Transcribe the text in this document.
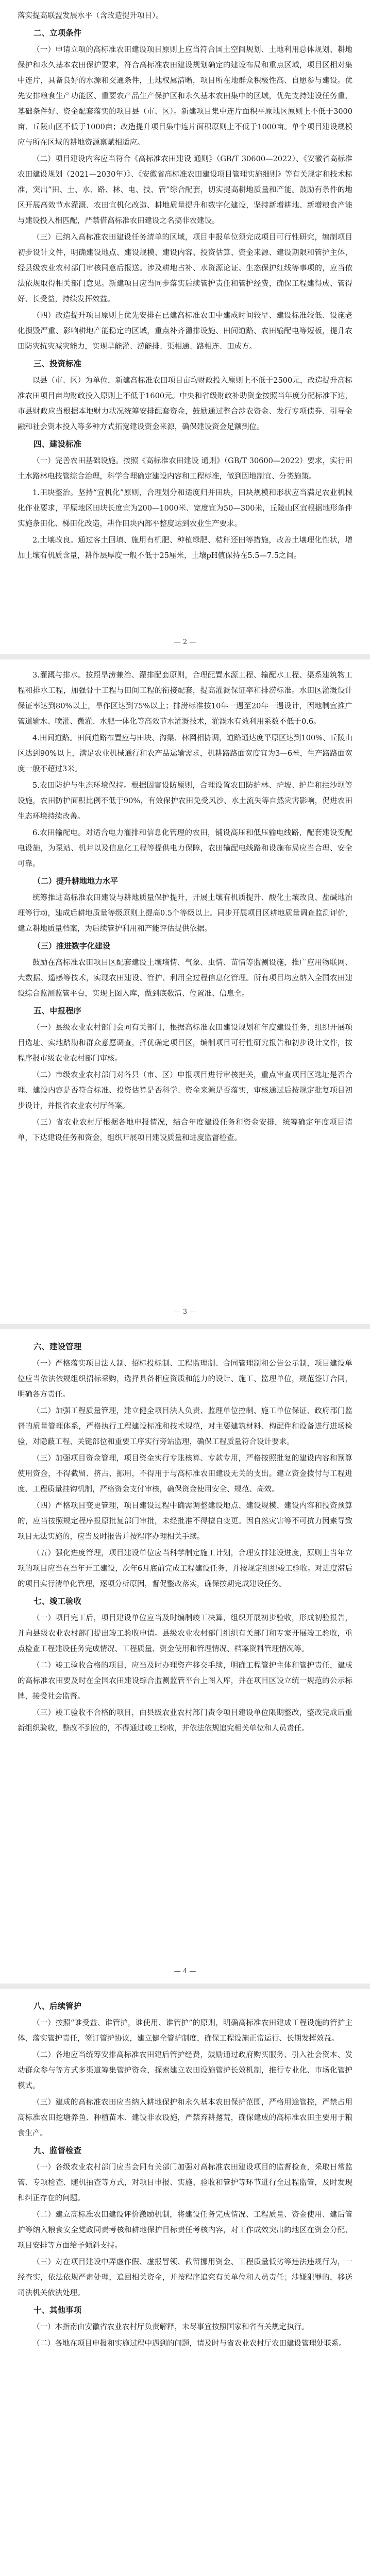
落实提高联盟发展水平（含改造提升项目）。

二、立项条件

（一）申请立项的高标准农田建设项目原则上应当符合国土空间规划、土地利用总体规划、耕地保护和永久基本农田保护要求，符合高标准农田建设规划确定的建设布局和重点区域，项目区相对集中连片，具备良好的水源和交通条件，土地权属清晰，项目所在地群众积极性高、自愿参与建设。优先安排粮食生产功能区、重要农产品生产保护区和永久基本农田集中的区域，优先支持建设任务重、基础条件好、资金配套落实的项目县（市、区）。新建项目集中连片面积平原地区原则上不低于3000亩、丘陵山区不低于1000亩；改造提升项目集中连片面积原则上不低于1000亩。单个项目建设规模应与所在区域的耕地资源禀赋相适应。

（二）项目建设内容应当符合《高标准农田建设 通则》（GB/T 30600—2022）、《安徽省高标准农田建设规划（2021—2030年）》、《安徽省高标准农田建设项目管理实施细则》等有关规定和技术标准，突出“田、土、水、路、林、电、技、管”综合配套，切实提高耕地质量和产能。鼓励有条件的地区开展高效节水灌溉、农田宜机化改造、耕地质量提升和数字化建设，坚持新增耕地、新增粮食产能与建设投入相匹配，严禁借高标准农田建设之名搞非农建设。

（三）已纳入高标准农田建设任务清单的区域，项目申报单位须完成项目可行性研究，编制项目初步设计文件，明确建设地点、建设规模、建设内容、投资估算、资金来源、建设期限和管护主体，经县级农业农村部门审核同意后报送。涉及耕地占补、水资源论证、生态保护红线等事项的，应当依法依规取得相关部门意见。新建项目应当同步落实后续管护责任和管护经费，确保工程建得成、管得好、长受益，持续发挥效益。

（四）改造提升项目原则上优先安排在已建高标准农田中建成时间较早、建设标准较低、设施老化损毁严重、影响耕地产能稳定的区域，重点补齐灌排设施、田间道路、农田输配电等短板，提升农田防灾抗灾减灾能力，实现旱能灌、涝能排、渠相通、路相连、田成方。

三、投资标准

以县（市、区）为单位，新建高标准农田项目亩均财政投入原则上不低于2500元，改造提升高标准农田项目亩均财政投入原则上不低于1600元。中央和省级财政补助资金按照当年度分配标准下达，市县财政应当根据本地财力状况统筹安排配套资金，鼓励通过整合涉农资金、发行专项债券、引导金融和社会资本投入等多种方式拓宽建设资金来源，确保建设资金足额到位。

四、建设标准

（一）完善农田基础设施。按照《高标准农田建设 通则》（GB/T 30600—2022）要求，实行田土水路林电技管综合治理，科学合理确定建设内容和工程标准，做到因地制宜、分类施策。

1.田块整治。坚持“宜机化”原则，合理划分和适度归并田块，田块规模和形状应当满足农业机械化作业要求，平原地区田块长度宜为200—1000米、宽度宜为50—300米，丘陵山区宜根据地形条件实施条田化、梯田化改造，耕作田块内部平整度达到农业生产要求。

2.土壤改良。通过客土回填、施用有机肥、种植绿肥、秸秆还田等措施，改善土壤理化性状，增加土壤有机质含量，耕作层厚度一般不低于25厘米，土壤pH值保持在5.5—7.5之间。

— 2 —

3.灌溉与排水。按照旱涝兼治、灌排配套原则，合理配置水源工程、输配水工程、渠系建筑物工程和排水工程，加强骨干工程与田间工程的衔接配套，提高灌溉保证率和排涝标准。水田区灌溉设计保证率达到80%以上，旱作区达到75%以上；排涝标准按10年一遇至20年一遇设计，因地制宜推广管道输水、喷灌、微灌、水肥一体化等高效节水灌溉技术，灌溉水有效利用系数不低于0.6。

4.田间道路。田间道路布置应与田块、沟渠、林网相协调，道路通达度平原区达到100%、丘陵山区达到90%以上，满足农业机械通行和农产品运输需求，机耕路路面宽度宜为3—6米，生产路路面宽度一般不超过3米。

5.农田防护与生态环境保持。根据因害设防原则，合理设置农田防护林、护坡、护岸和拦沙坝等设施，农田防护面积比例不低于90%，有效保护农田免受风沙、水土流失等自然灾害影响，促进农田生态环境持续改善。

6.农田输配电。对适合电力灌排和信息化管理的农田，铺设高压和低压输电线路，配套建设变配电设施，为泵站、机井以及信息化工程等提供电力保障，农田输配电线路和设施布局应当合理、安全可靠。

（二）提升耕地地力水平

统筹推进高标准农田建设与耕地质量保护提升，开展土壤有机质提升、酸化土壤改良、盐碱地治理等行动，建成后耕地质量等级原则上提高0.5个等级以上。同步开展项目区耕地质量调查监测评价，建立耕地质量档案，为后续管护利用和产能评估提供依据。

（三）推进数字化建设

鼓励在高标准农田项目区配套建设土壤墒情、气象、虫情、苗情等监测设施，推广应用物联网、大数据、遥感等技术，实现农田建设、管护、利用全过程信息化管理。所有项目均应纳入全国农田建设综合监测监管平台，实现上图入库，做到底数清、位置准、信息全。

五、申报程序

（一）县级农业农村部门会同有关部门，根据高标准农田建设规划和年度建设任务，组织开展项目选址、实地踏勘和群众意愿调查，择优确定项目区，编制项目可行性研究报告和初步设计文件，按程序报市级农业农村部门审核。

（二）市级农业农村部门对各县（市、区）申报项目进行审核把关，重点审查项目区选址是否合理、建设内容是否符合标准、投资估算是否科学、资金来源是否落实，审核通过后按规定批复项目初步设计，并报省农业农村厅备案。

（三）省农业农村厅根据各地申报情况，结合年度建设任务和资金安排，统筹确定年度项目清单，下达建设任务和资金，组织开展项目建设质量和进度监督检查。

— 3 —
六、建设管理

（一）严格落实项目法人制、招标投标制、工程监理制、合同管理制和公告公示制，项目建设单位应当依法依规组织招标采购，选择具备相应资质和能力的设计、施工、监理单位，规范签订合同，明确各方责任。

（二）加强工程质量管理，建立健全项目法人负责、监理单位控制、施工单位保证、政府部门监督的质量管理体系，严格执行工程建设标准和技术规范，对主要建筑材料、构配件和设备进行进场检验，对隐蔽工程、关键部位和重要工序实行旁站监理，确保工程质量符合设计要求。

（三）加强项目资金管理，项目资金实行专账核算、专款专用，严格按照批复的建设内容和预算使用资金，不得截留、挤占、挪用，不得用于与高标准农田建设无关的支出。建立资金拨付与工程进度、工程质量挂钩机制，严格资金支付审核，确保资金使用安全、规范、高效。

（四）严格项目变更管理，项目建设过程中确需调整建设地点、建设规模、建设内容和投资预算的，应当按照规定程序报原批复部门审批，未经批准不得擅自变更。因自然灾害等不可抗力因素导致项目无法实施的，应当及时报告并按程序办理相关手续。

（五）强化进度管理，项目建设单位应当科学制定施工计划，合理安排建设进度，原则上当年立项的项目应当在当年开工建设，次年6月底前完成工程建设任务，并按规定组织竣工验收。对进度滞后的项目实行清单化管理，逐项分析原因，督促整改落实，确保按期完成建设任务。

七、竣工验收

（一）项目完工后，项目建设单位应当及时编制竣工决算，组织开展初步验收，形成初验报告，并向县级农业农村部门提出竣工验收申请。县级农业农村部门组织有关部门和专家开展竣工验收，重点检查工程建设任务完成情况、工程质量、资金使用和管理情况、档案资料管理情况等。

（二）竣工验收合格的项目，应当及时办理资产移交手续，明确工程管护主体和管护责任，建成的高标准农田要及时在全国农田建设综合监测监管平台上图入库，并在项目区设立统一规范的公示标牌，接受社会监督。

（三）竣工验收不合格的项目，由县级农业农村部门责令项目建设单位限期整改，整改完成后重新组织验收，整改不到位的，不得通过竣工验收，并依法依规追究相关单位和人员责任。

— 4 —
八、后续管护

（一）按照“谁受益、谁管护，谁使用、谁管护”的原则，明确高标准农田建成工程设施的管护主体，落实管护责任，签订管护协议，建立健全管护制度，确保工程设施正常运行、长期发挥效益。

（二）各地应当统筹安排高标准农田建后管护经费，鼓励通过政府购买服务、引入社会资本、发动群众参与等方式多渠道筹集管护资金，探索建立农田设施管护长效机制，推行专业化、市场化管护模式。

（三）建成的高标准农田应当纳入耕地保护和永久基本农田保护范围，严格用途管控，严禁占用高标准农田挖塘养鱼、种植苗木、建设非农设施，严禁弃耕撂荒，确保建成的高标准农田主要用于粮食生产。

九、监督检查

（一）各级农业农村部门应当会同有关部门加强对高标准农田建设项目的监督检查，采取日常监管、专项检查、随机抽查等方式，对项目申报、实施、验收和管护等环节进行全过程监管，及时发现和纠正存在的问题。

（二）建立高标准农田建设评价激励机制，将建设任务完成情况、工程质量、资金使用、建后管护等纳入粮食安全党政同责考核和耕地保护目标责任考核内容，对工作成效突出的地区在资金分配、项目安排等方面给予倾斜支持。

（三）对在项目建设中弄虚作假、虚报冒领、截留挪用资金、工程质量低劣等违法违规行为，一经查实，依法依规严肃处理，追回相关资金，并按程序追究有关单位和人员责任；涉嫌犯罪的，移送司法机关依法处理。

十、其他事项

（一）本指南由安徽省农业农村厅负责解释，未尽事宜按照国家和省有关规定执行。

（二）各地在项目申报和实施过程中遇到的问题，请及时与省农业农村厅农田建设管理处联系。
